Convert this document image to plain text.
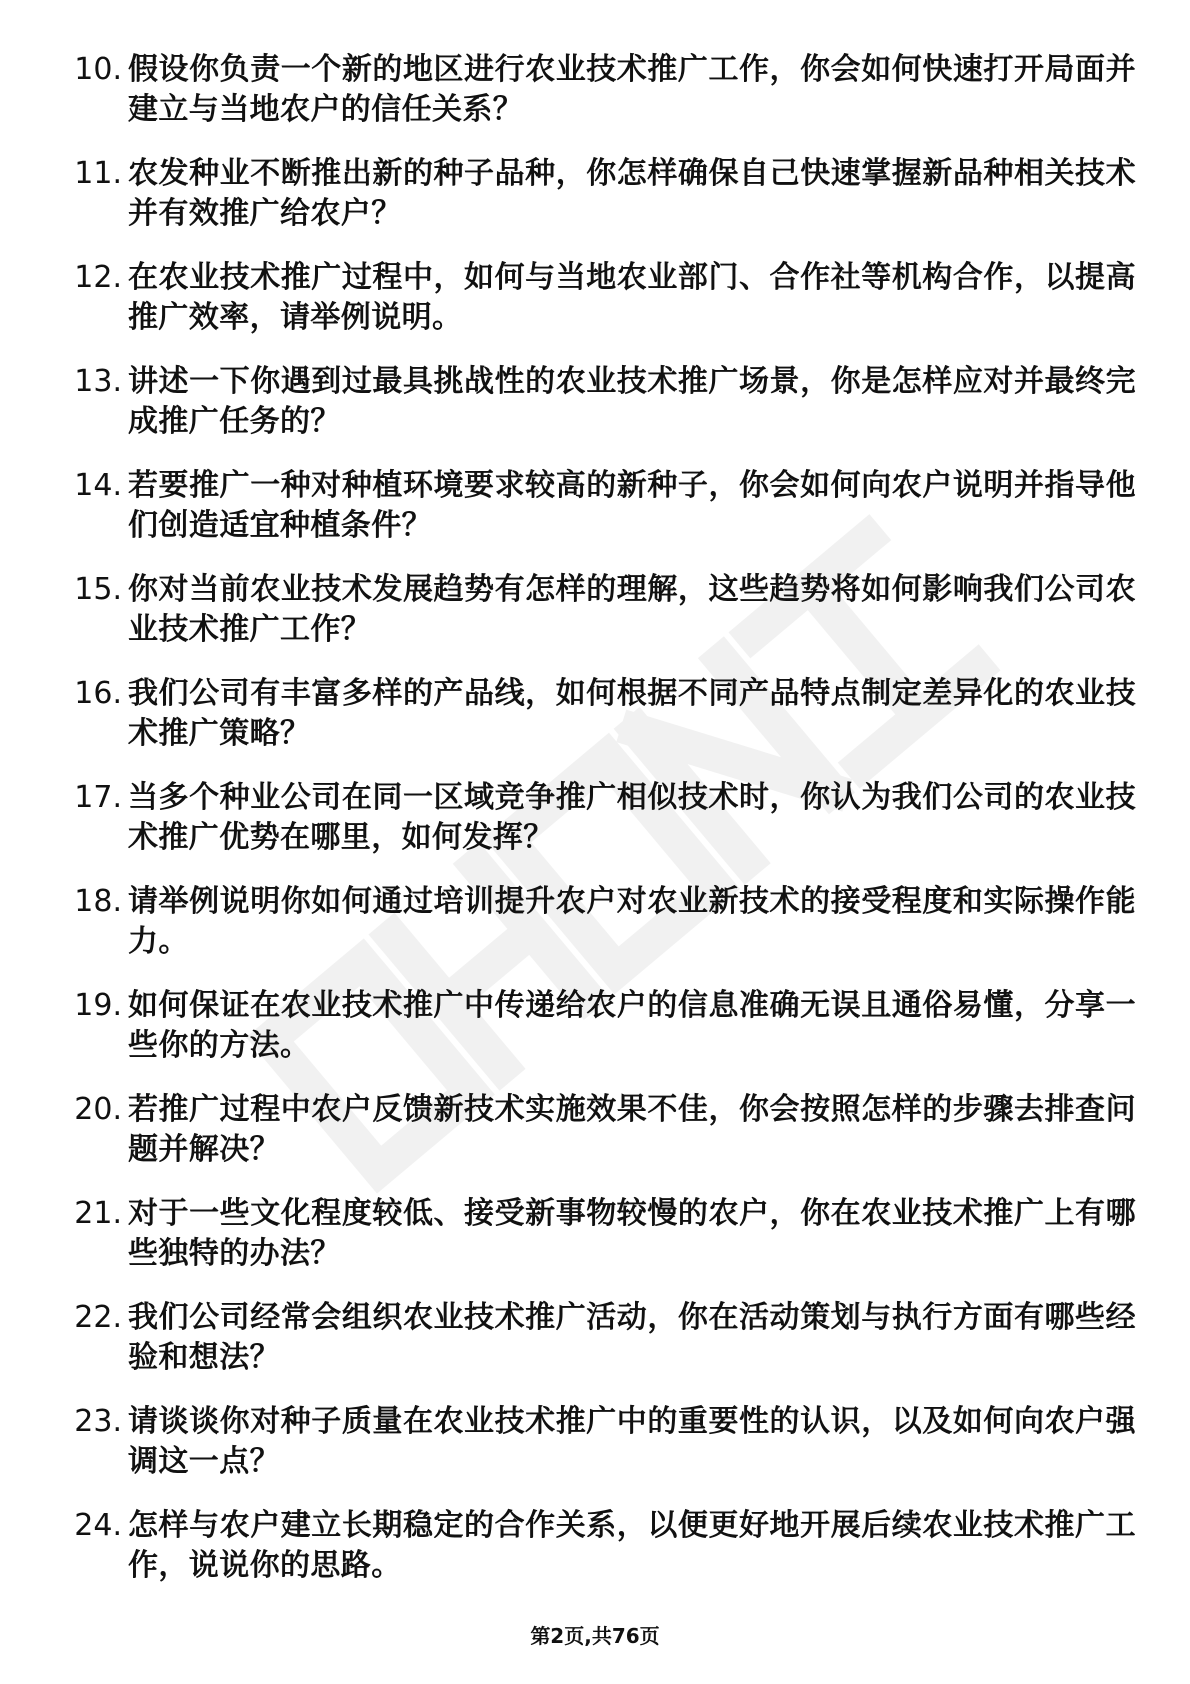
10. 假设你负责一个新的地区进行农业技术推广工作，你会如何快速打开局面并建立与当地农户的信任关系？
11. 农发种业不断推出新的种子品种，你怎样确保自己快速掌握新品种相关技术并有效推广给农户？
12. 在农业技术推广过程中，如何与当地农业部门、合作社等机构合作，以提高推广效率，请举例说明。
13. 讲述一下你遇到过最具挑战性的农业技术推广场景，你是怎样应对并最终完成推广任务的？
14. 若要推广一种对种植环境要求较高的新种子，你会如何向农户说明并指导他们创造适宜种植条件？
15. 你对当前农业技术发展趋势有怎样的理解，这些趋势将如何影响我们公司农业技术推广工作？
16. 我们公司有丰富多样的产品线，如何根据不同产品特点制定差异化的农业技术推广策略？
17. 当多个种业公司在同一区域竞争推广相似技术时，你认为我们公司的农业技术推广优势在哪里，如何发挥？
18. 请举例说明你如何通过培训提升农户对农业新技术的接受程度和实际操作能力。
19. 如何保证在农业技术推广中传递给农户的信息准确无误且通俗易懂，分享一些你的方法。
20. 若推广过程中农户反馈新技术实施效果不佳，你会按照怎样的步骤去排查问题并解决？
21. 对于一些文化程度较低、接受新事物较慢的农户，你在农业技术推广上有哪些独特的办法？
22. 我们公司经常会组织农业技术推广活动，你在活动策划与执行方面有哪些经验和想法？
23. 请谈谈你对种子质量在农业技术推广中的重要性的认识，以及如何向农户强调这一点？
24. 怎样与农户建立长期稳定的合作关系，以便更好地开展后续农业技术推广工作，说说你的思路。
第2页,共76页
